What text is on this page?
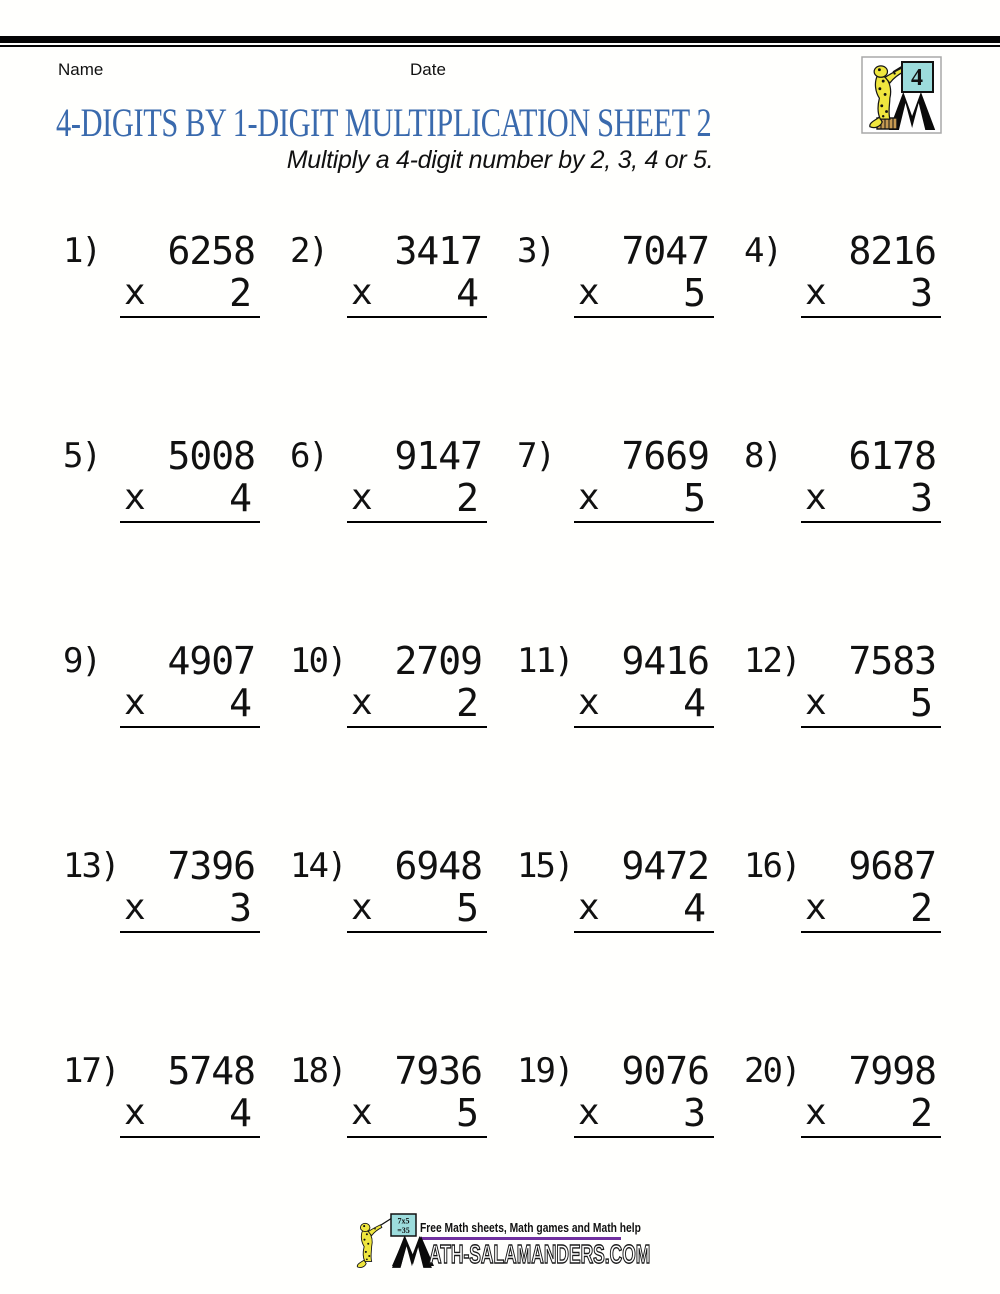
Name	Date	4
4-DIGITS BY 1-DIGIT MULTIPLICATION SHEET 2
Multiply a 4-digit number by 2, 3, 4 or 5.
1)	6258
x 2
2)	3417
x 4
3)	7047
x 5
4)	8216
x 3
5)	5008
x 4
6)	9147
x 2
7)	7669
x 5
8)	6178
x 3
9)	4907
x 4
10)	2709
x 2
11)	9416
x 4
12)	7583
x 5
13)	7396
x 3
14)	6948
x 5
15)	9472
x 4
16)	9687
x 2
17)	5748
x 4
18)	7936
x 5
19)	9076
x 3
20)	7998
x 2
7x5
=35 Free Math sheets, Math games and Math help
ATH-SALAMANDERS.COM
